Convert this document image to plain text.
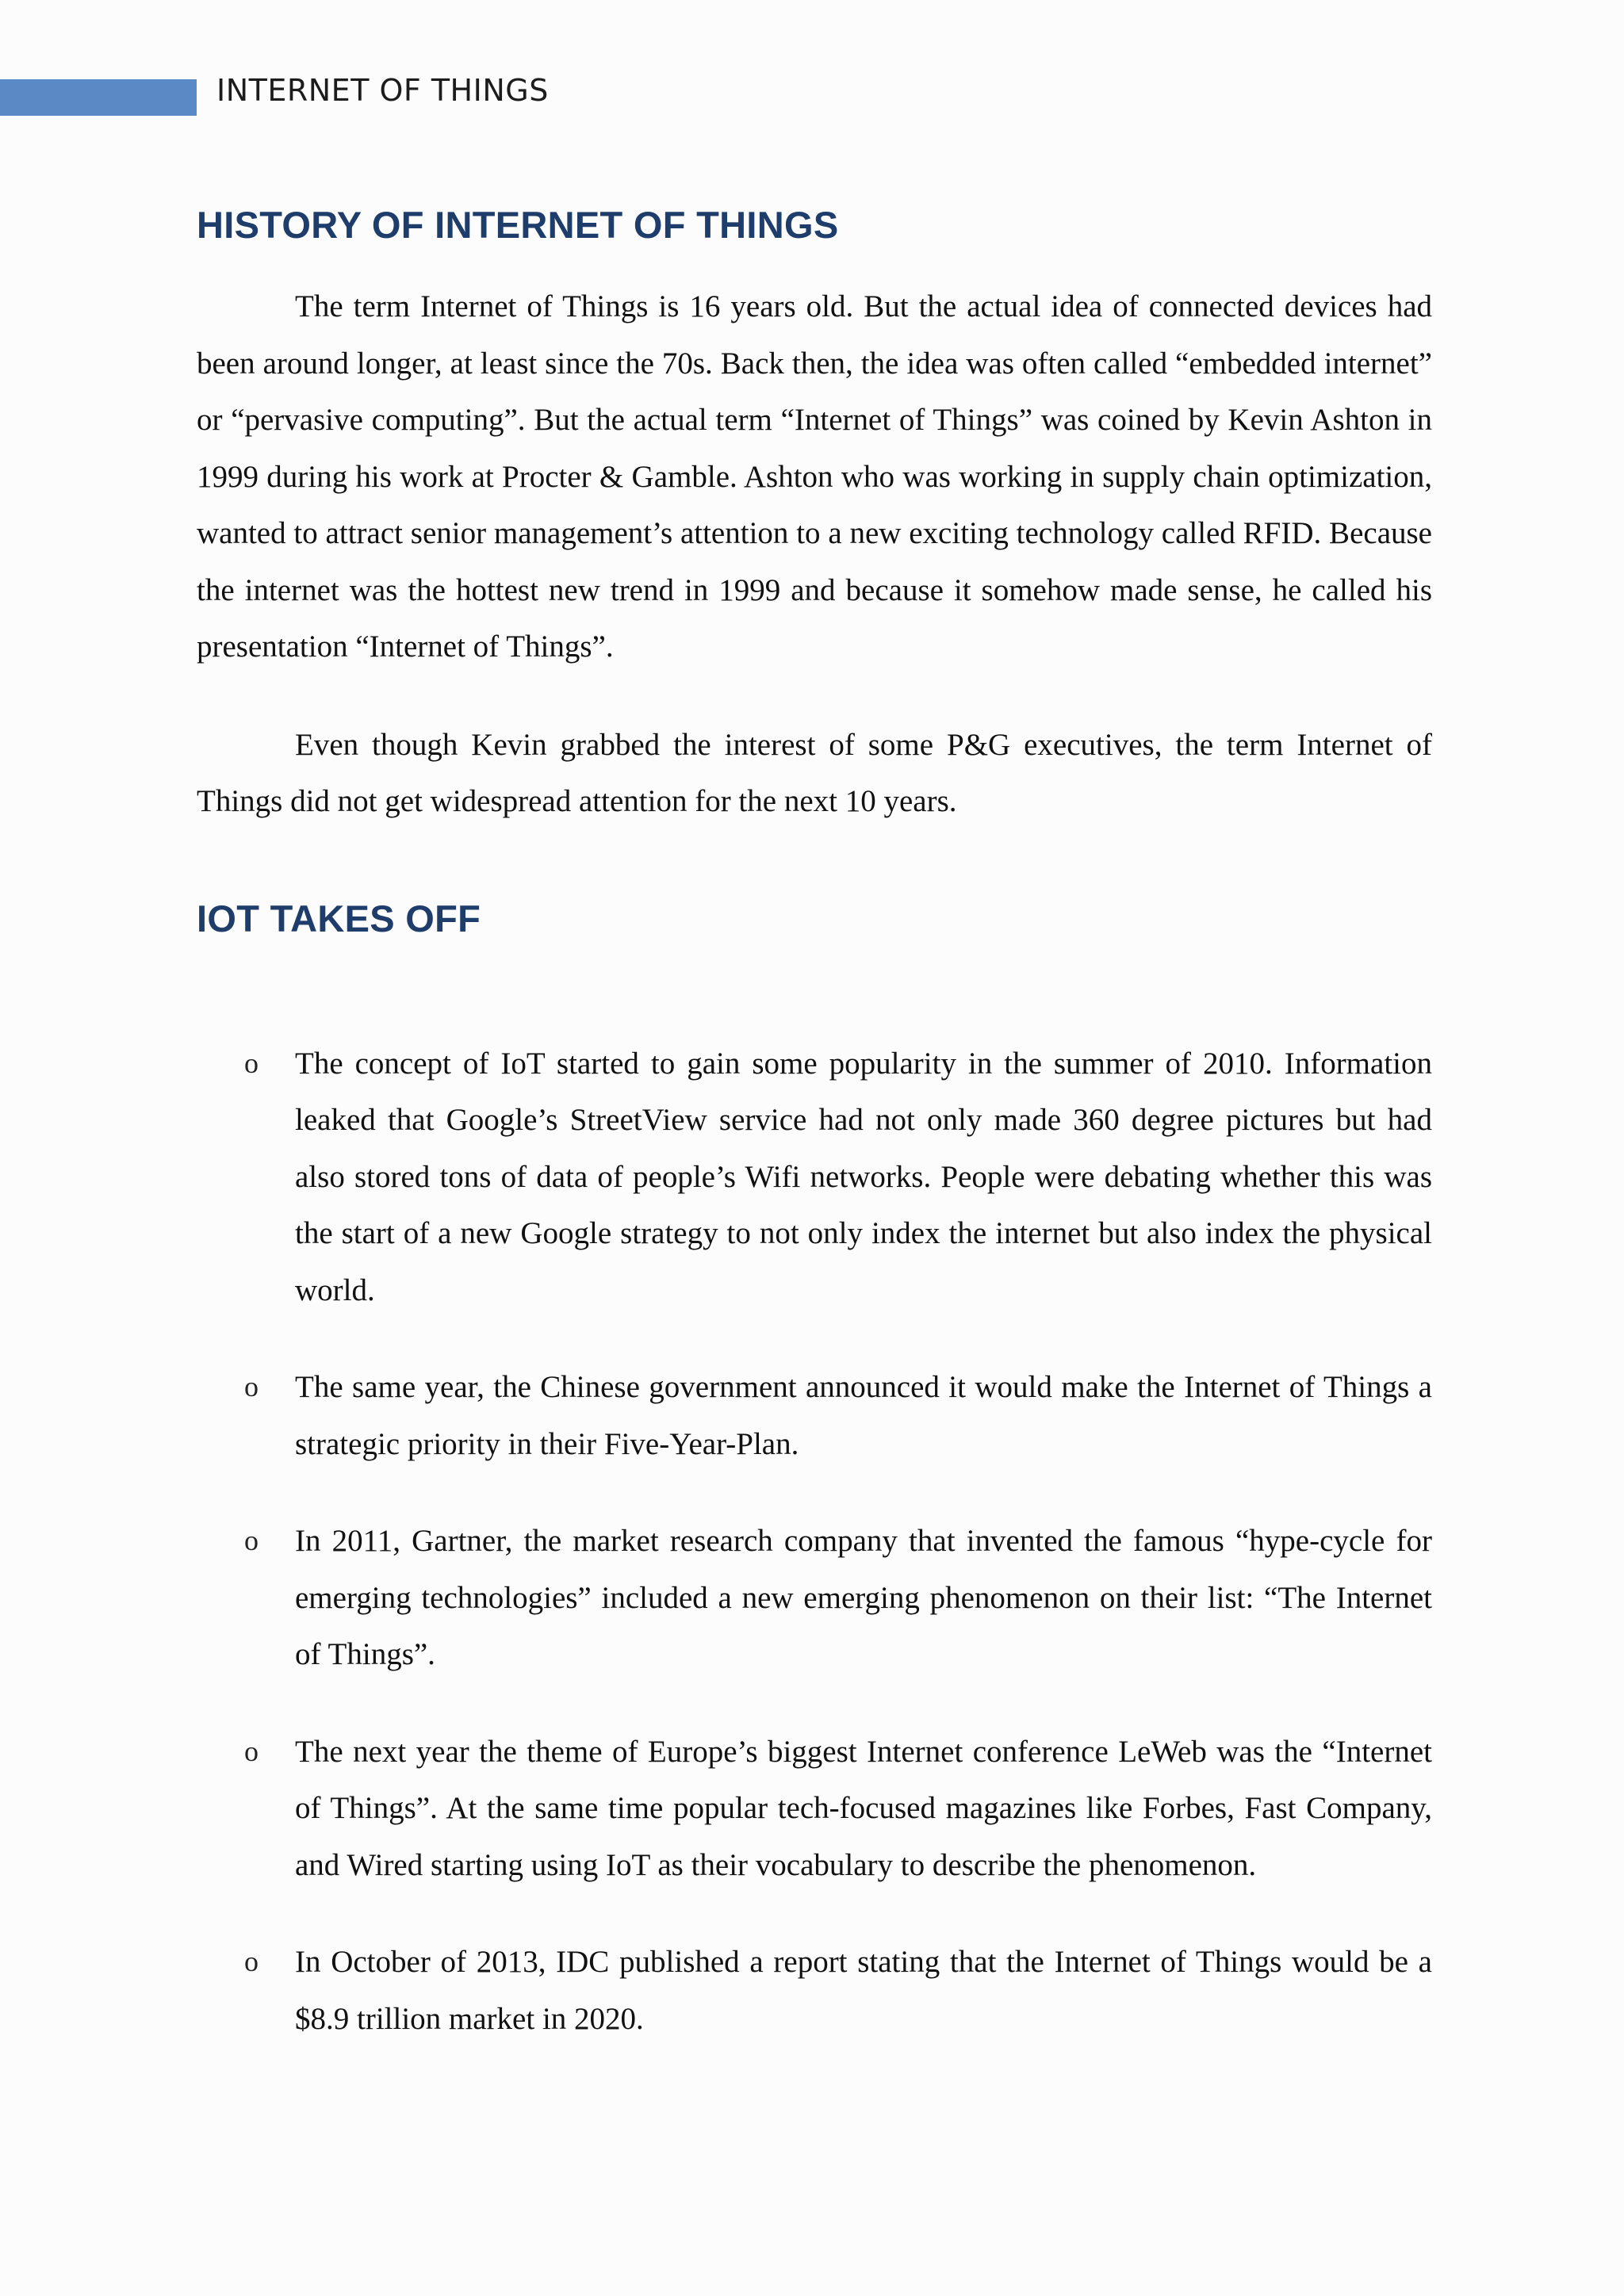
INTERNET OF THINGS
HISTORY OF INTERNET OF THINGS

The term Internet of Things is 16 years old. But the actual idea of connected devices had been around longer, at least since the 70s. Back then, the idea was often called “embedded internet” or “pervasive computing”. But the actual term “Internet of Things” was coined by Kevin Ashton in 1999 during his work at Procter & Gamble. Ashton who was working in supply chain optimization, wanted to attract senior management’s attention to a new exciting technology called RFID. Because the internet was the hottest new trend in 1999 and because it somehow made sense, he called his presentation “Internet of Things”.

Even though Kevin grabbed the interest of some P&G executives, the term Internet of Things did not get widespread attention for the next 10 years.

IOT TAKES OFF
o The concept of IoT started to gain some popularity in the summer of 2010. Information leaked that Google’s StreetView service had not only made 360 degree pictures but had also stored tons of data of people’s Wifi networks. People were debating whether this was the start of a new Google strategy to not only index the internet but also index the physical world.
o The same year, the Chinese government announced it would make the Internet of Things a strategic priority in their Five-Year-Plan.
o In 2011, Gartner, the market research company that invented the famous “hype-cycle for emerging technologies” included a new emerging phenomenon on their list: “The Internet of Things”.
o The next year the theme of Europe’s biggest Internet conference LeWeb was the “Internet of Things”. At the same time popular tech-focused magazines like Forbes, Fast Company, and Wired starting using IoT as their vocabulary to describe the phenomenon.
o In October of 2013, IDC published a report stating that the Internet of Things would be a $8.9 trillion market in 2020.
